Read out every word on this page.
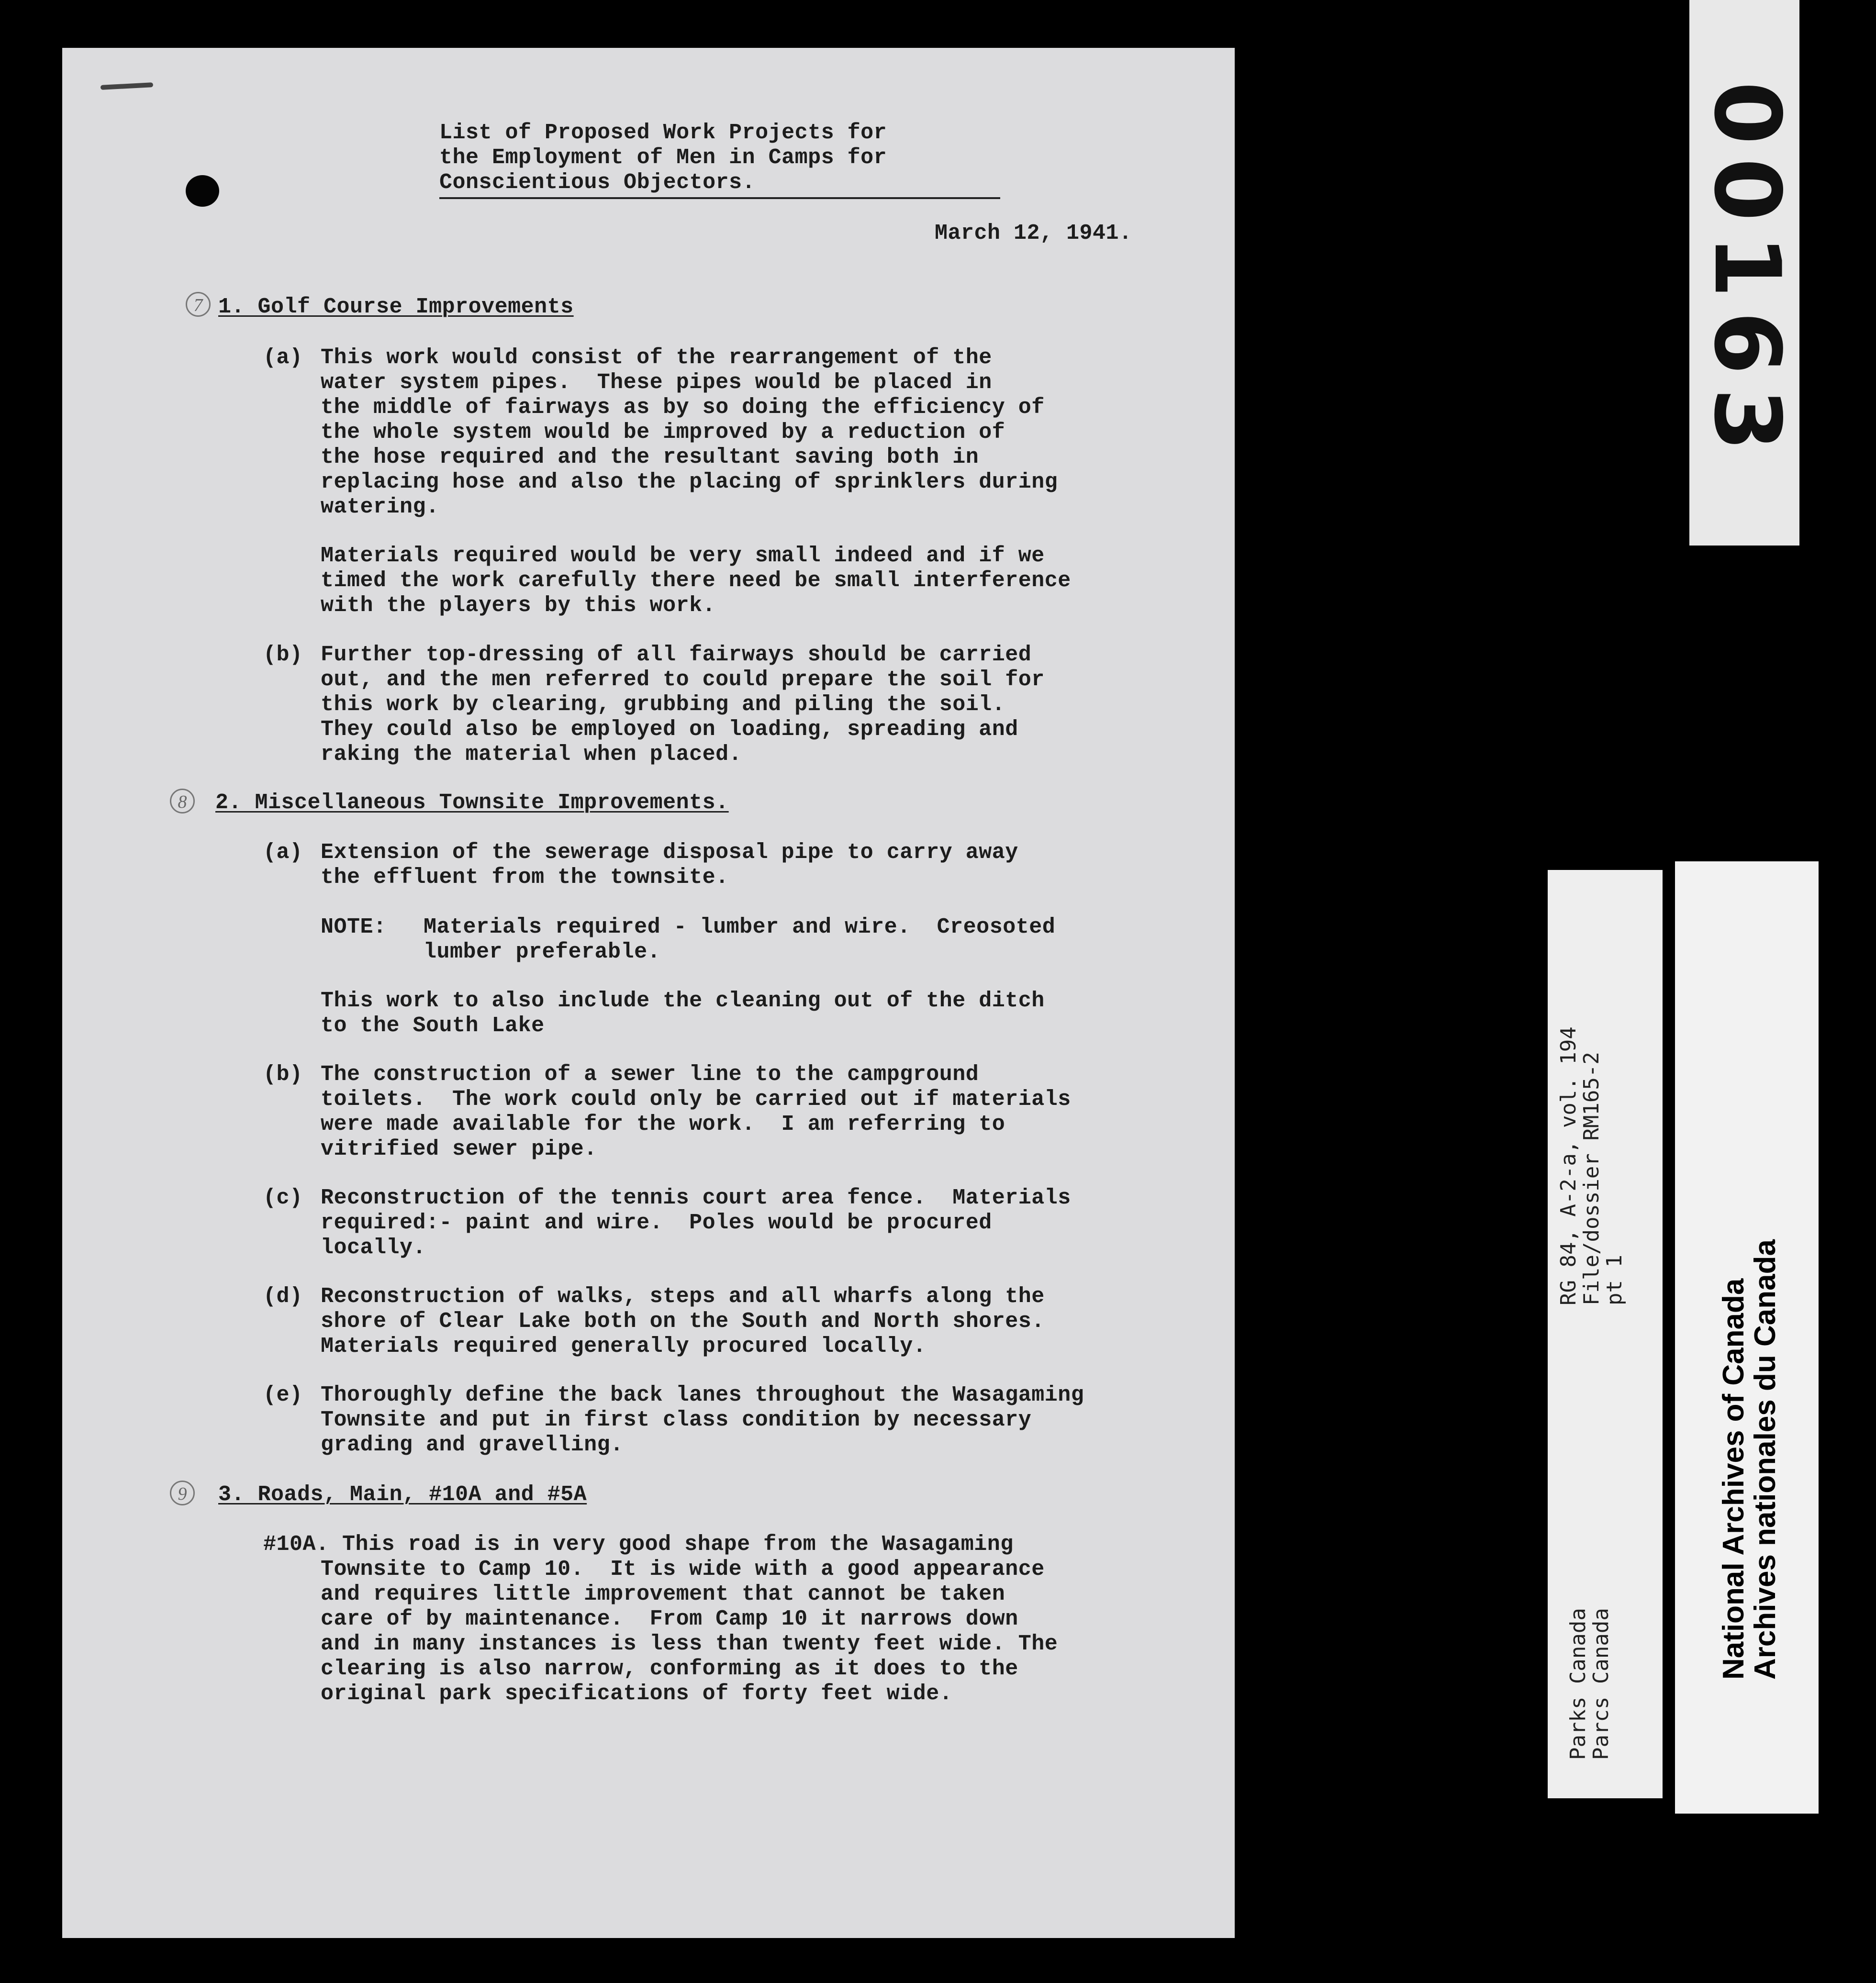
List of Proposed Work Projects for
the Employment of Men in Camps for
Conscientious Objectors.
March 12, 1941.
7 1. Golf Course Improvements
(a) This work would consist of the rearrangement of the
water system pipes.  These pipes would be placed in
the middle of fairways as by so doing the efficiency of
the whole system would be improved by a reduction of
the hose required and the resultant saving both in
replacing hose and also the placing of sprinklers during
watering.
Materials required would be very small indeed and if we
timed the work carefully there need be small interference
with the players by this work.
(b) Further top-dressing of all fairways should be carried
out, and the men referred to could prepare the soil for
this work by clearing, grubbing and piling the soil.
They could also be employed on loading, spreading and
raking the material when placed.
8	2. Miscellaneous Townsite Improvements.
(a) Extension of the sewerage disposal pipe to carry away
the effluent from the townsite.
NOTE: Materials required - lumber and wire.  Creosoted
lumber preferable.
This work to also include the cleaning out of the ditch
to the South Lake
(b) The construction of a sewer line to the campground
toilets.  The work could only be carried out if materials
were made available for the work.  I am referring to
vitrified sewer pipe.
(c) Reconstruction of the tennis court area fence.  Materials
required:- paint and wire.  Poles would be procured
locally.
(d) Reconstruction of walks, steps and all wharfs along the
shore of Clear Lake both on the South and North shores.
Materials required generally procured locally.
(e) Thoroughly define the back lanes throughout the Wasagaming
Townsite and put in first class condition by necessary
grading and gravelling.
9	3. Roads, Main, #10A and #5A
#10A. This road is in very good shape from the Wasagaming
Townsite to Camp 10.  It is wide with a good appearance
and requires little improvement that cannot be taken
care of by maintenance.  From Camp 10 it narrows down
and in many instances is less than twenty feet wide. The
clearing is also narrow, conforming as it does to the
original park specifications of forty feet wide.
00163
RG 84, A-2-a, vol. 194
File/dossier RM165-2
pt 1
Parks Canada
Parcs Canada
National Archives of Canada
Archives nationales du Canada
